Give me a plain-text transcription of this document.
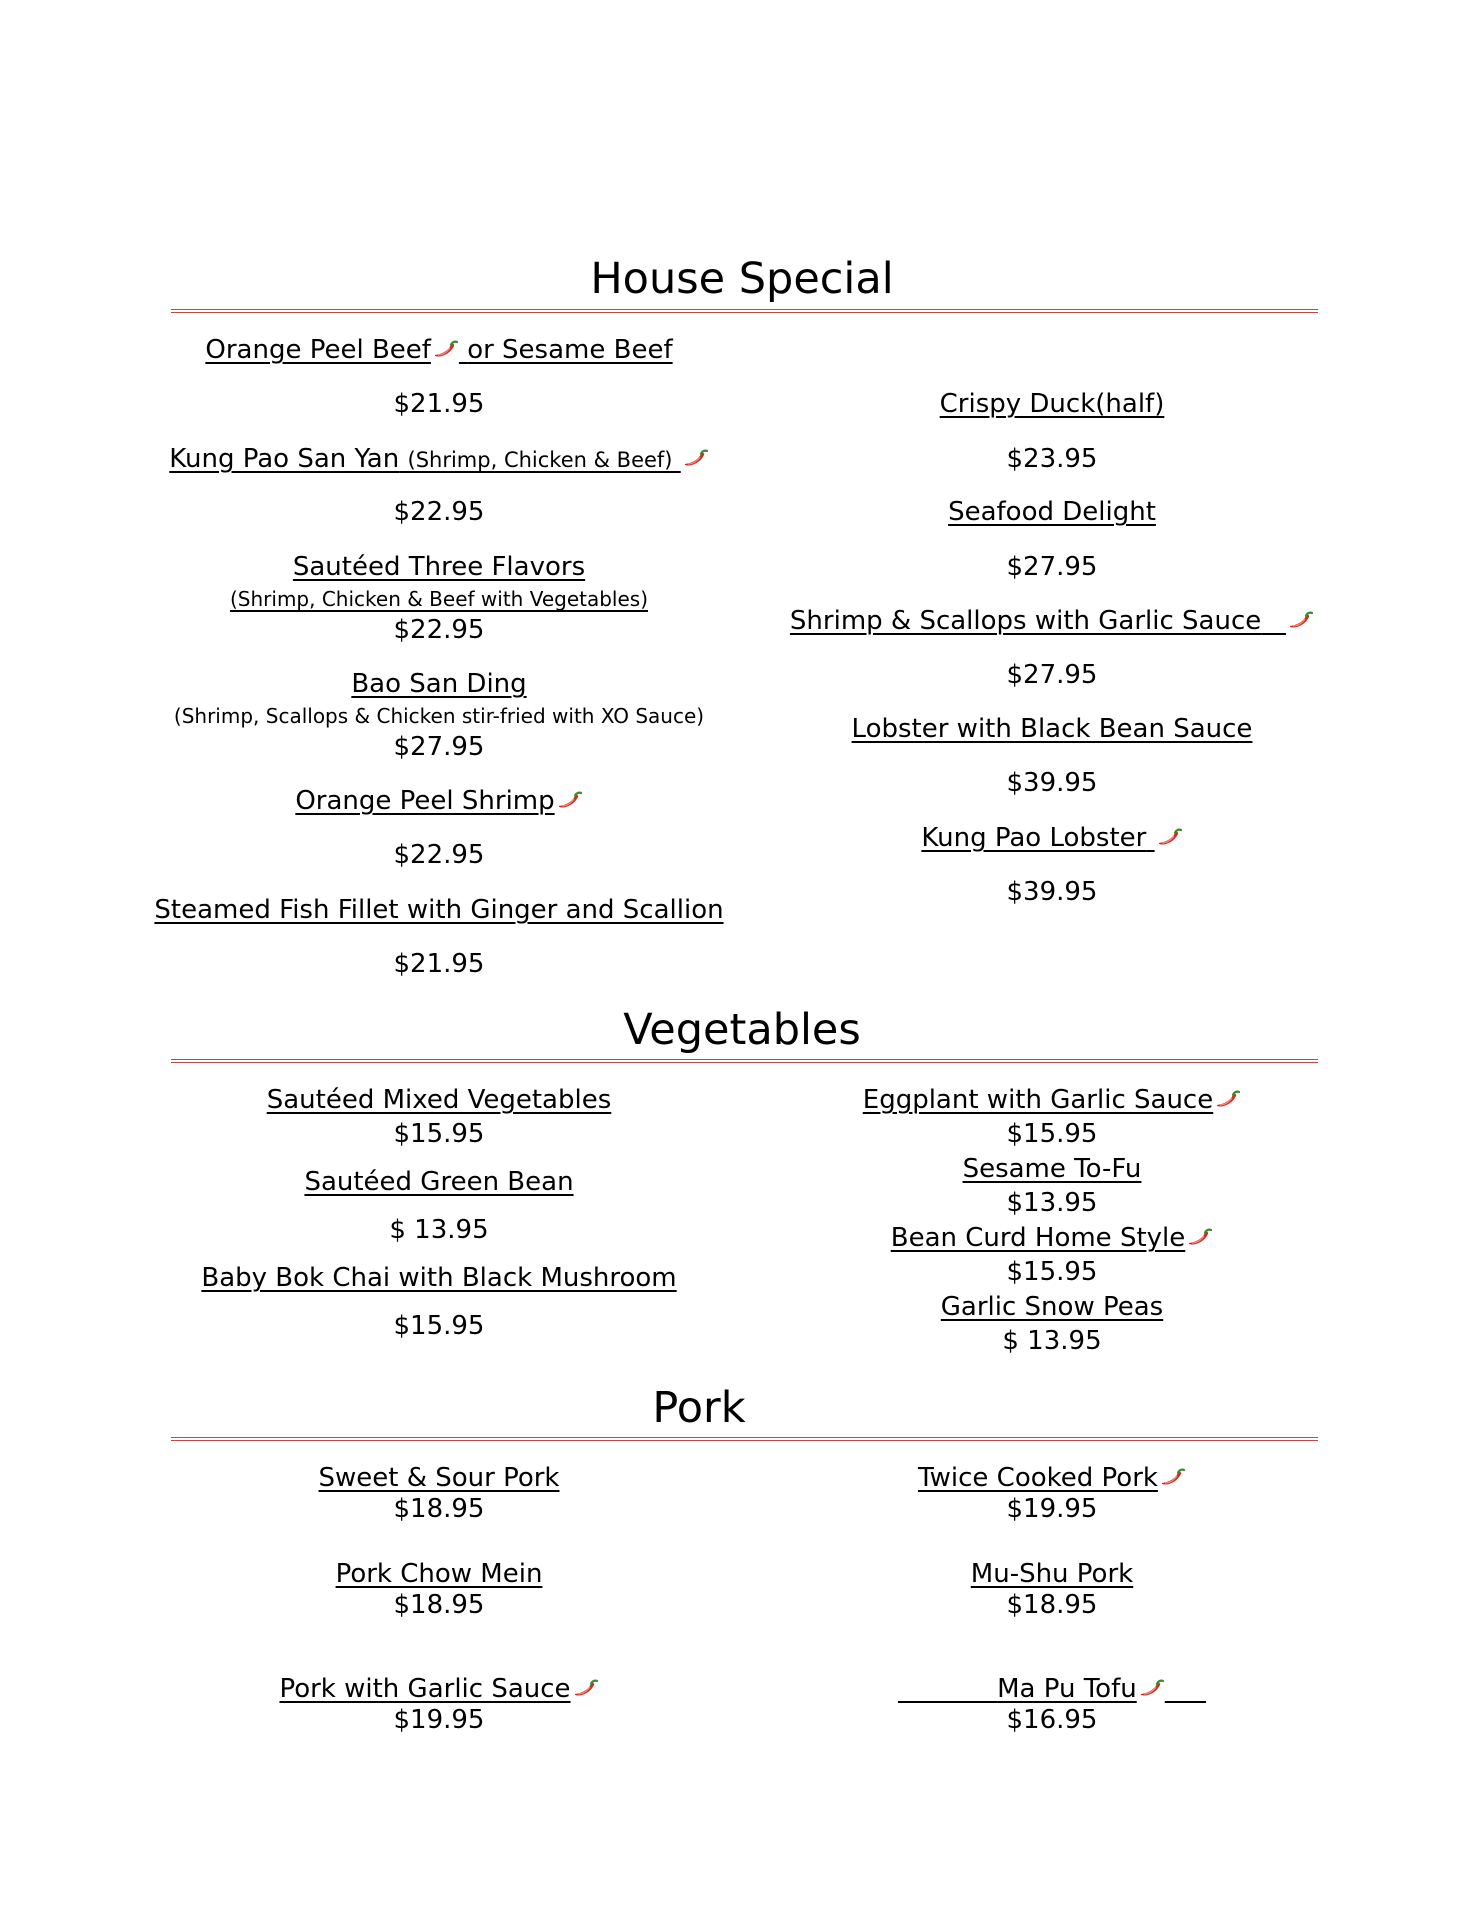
House Special
Orange Peel Beef or Sesame Beef
$21.95
Kung Pao San Yan (Shrimp, Chicken & Beef)
$22.95
Sautéed Three Flavors
(Shrimp, Chicken & Beef with Vegetables)
$22.95
Bao San Ding
(Shrimp, Scallops & Chicken stir-fried with XO Sauce)
$27.95
Orange Peel Shrimp
$22.95
Steamed Fish Fillet with Ginger and Scallion
$21.95
Crispy Duck(half)
$23.95
Seafood Delight
$27.95
Shrimp & Scallops with Garlic Sauce
$27.95
Lobster with Black Bean Sauce
$39.95
Kung Pao Lobster
$39.95
Vegetables
Sautéed Mixed Vegetables
$15.95
Sautéed Green Bean
$ 13.95
Baby Bok Chai with Black Mushroom
$15.95
Eggplant with Garlic Sauce
$15.95
Sesame To-Fu
$13.95
Bean Curd Home Style
$15.95
Garlic Snow Peas
$ 13.95
Pork
Sweet & Sour Pork
$18.95
Pork Chow Mein
$18.95
Pork with Garlic Sauce
$19.95
Twice Cooked Pork
$19.95
Mu-Shu Pork
$18.95
Ma Pu Tofu

$16.95
